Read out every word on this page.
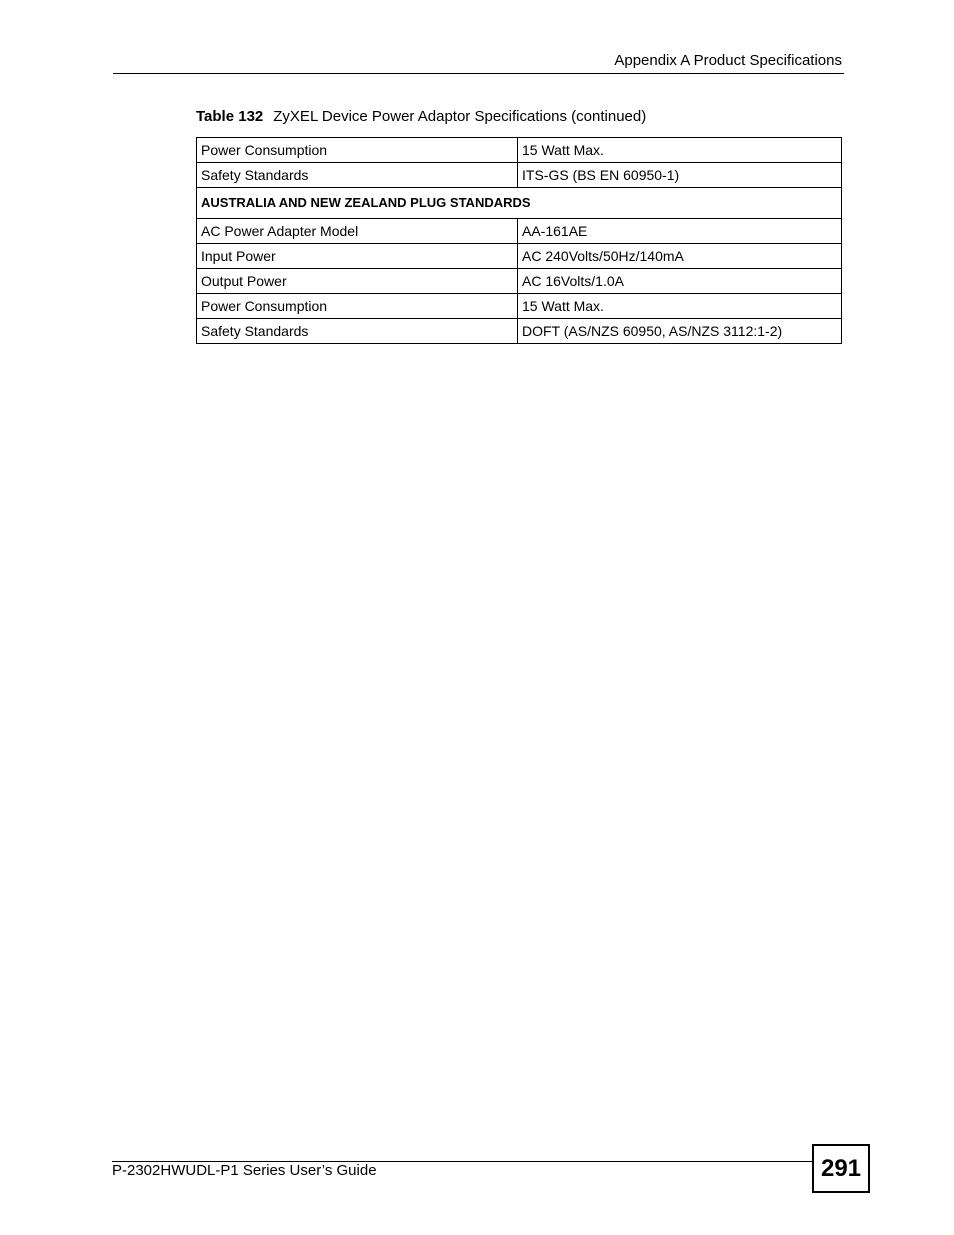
Appendix A Product Specifications
Table 132 ZyXEL Device Power Adaptor Specifications (continued)
Power Consumption	15 Watt Max.
Safety Standards	ITS-GS (BS EN 60950-1)
AUSTRALIA AND NEW ZEALAND PLUG STANDARDS	
AC Power Adapter Model	AA-161AE
Input Power	AC 240Volts/50Hz/140mA
Output Power	AC 16Volts/1.0A
Power Consumption	15 Watt Max.
Safety Standards	DOFT (AS/NZS 60950, AS/NZS 3112:1-2)
P-2302HWUDL-P1 Series User’s Guide	291
